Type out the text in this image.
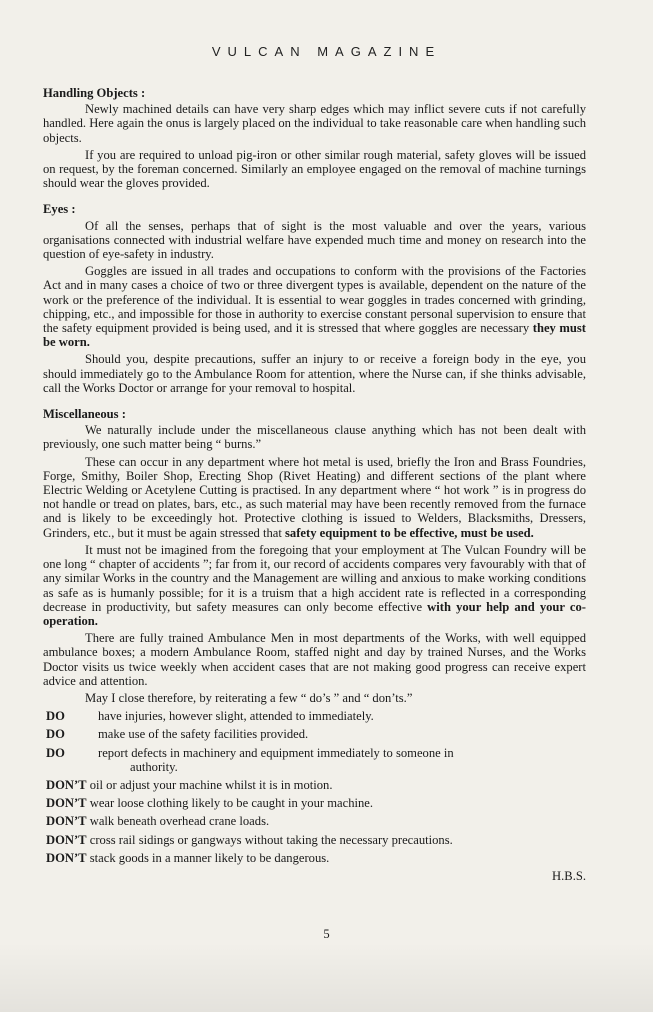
VULCAN MAGAZINE
Handling Objects :

Newly machined details can have very sharp edges which may inflict severe cuts if not carefully handled. Here again the onus is largely placed on the individual to take reasonable care when handling such objects.

If you are required to unload pig-iron or other similar rough material, safety gloves will be issued on request, by the foreman concerned. Similarly an employee engaged on the removal of machine turnings should wear the gloves provided.

Eyes :

Of all the senses, perhaps that of sight is the most valuable and over the years, various organisations connected with industrial welfare have expended much time and money on research into the question of eye-safety in industry.

Goggles are issued in all trades and occupations to conform with the provisions of the Factories Act and in many cases a choice of two or three divergent types is available, dependent on the nature of the work or the preference of the individual. It is essential to wear goggles in trades concerned with grinding, chipping, etc., and impossible for those in authority to exercise constant personal supervision to ensure that the safety equipment provided is being used, and it is stressed that where goggles are necessary they must be worn.

Should you, despite precautions, suffer an injury to or receive a foreign body in the eye, you should immediately go to the Ambulance Room for attention, where the Nurse can, if she thinks advisable, call the Works Doctor or arrange for your removal to hospital.

Miscellaneous :

We naturally include under the miscellaneous clause anything which has not been dealt with previously, one such matter being “ burns.”

These can occur in any department where hot metal is used, briefly the Iron and Brass Foundries, Forge, Smithy, Boiler Shop, Erecting Shop (Rivet Heating) and different sections of the plant where Electric Welding or Acetylene Cutting is practised. In any department where “ hot work ” is in progress do not handle or tread on plates, bars, etc., as such material may have been recently removed from the furnace and is likely to be exceedingly hot. Protective clothing is issued to Welders, Blacksmiths, Dressers, Grinders, etc., but it must be again stressed that safety equipment to be effective, must be used.

It must not be imagined from the foregoing that your employment at The Vulcan Foundry will be one long “ chapter of accidents ”; far from it, our record of accidents compares very favourably with that of any similar Works in the country and the Management are willing and anxious to make working conditions as safe as is humanly possible; for it is a truism that a high accident rate is reflected in a corresponding decrease in productivity, but safety measures can only become effective with your help and your co-operation.

There are fully trained Ambulance Men in most departments of the Works, with well equipped ambulance boxes; a modern Ambulance Room, staffed night and day by trained Nurses, and the Works Doctor visits us twice weekly when accident cases that are not making good progress can receive expert advice and attention.

May I close therefore, by reiterating a few “ do’s ” and “ don’ts.”
DO	have injuries, however slight, attended to immediately.
DO	make use of the safety facilities provided.
DO	report defects in machinery and equipment immediately to someone in
authority.
DON’T oil or adjust your machine whilst it is in motion.
DON’T wear loose clothing likely to be caught in your machine.
DON’T walk beneath overhead crane loads.
DON’T cross rail sidings or gangways without taking the necessary precautions.
DON’T stack goods in a manner likely to be dangerous.
H.B.S.
5
